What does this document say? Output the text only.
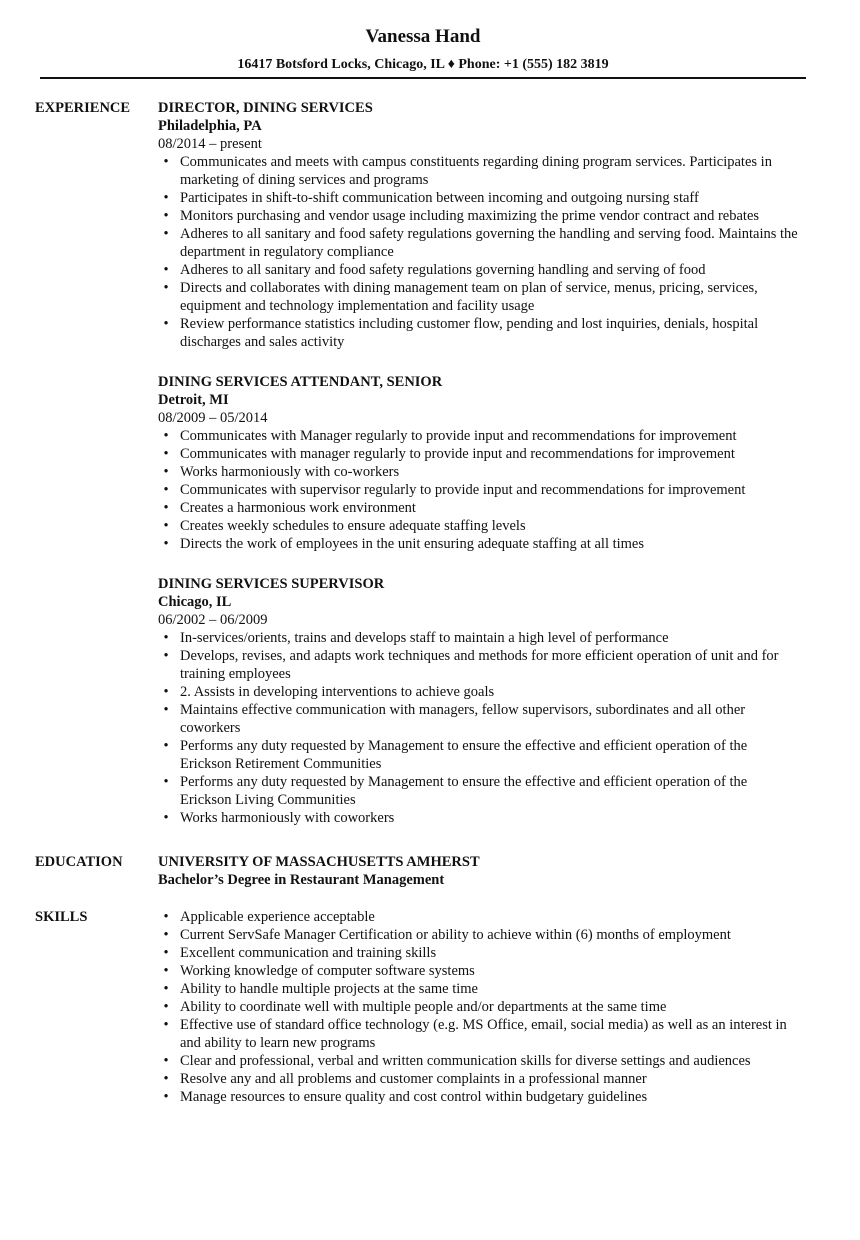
Vanessa Hand
16417 Botsford Locks, Chicago, IL ♦ Phone: +1 (555) 182 3819
EXPERIENCE DIRECTOR, DINING SERVICES
Philadelphia, PA
08/2014 – present
• Communicates and meets with campus constituents regarding dining program services. Participates in marketing of dining services and programs
• Participates in shift-to-shift communication between incoming and outgoing nursing staff
• Monitors purchasing and vendor usage including maximizing the prime vendor contract and rebates
• Adheres to all sanitary and food safety regulations governing the handling and serving food. Maintains the department in regulatory compliance
• Adheres to all sanitary and food safety regulations governing handling and serving of food
• Directs and collaborates with dining management team on plan of service, menus, pricing, services, equipment and technology implementation and facility usage
• Review performance statistics including customer flow, pending and lost inquiries, denials, hospital discharges and sales activity
DINING SERVICES ATTENDANT, SENIOR
Detroit, MI
08/2009 – 05/2014
• Communicates with Manager regularly to provide input and recommendations for improvement
• Communicates with manager regularly to provide input and recommendations for improvement
• Works harmoniously with co-workers
• Communicates with supervisor regularly to provide input and recommendations for improvement
• Creates a harmonious work environment
• Creates weekly schedules to ensure adequate staffing levels
• Directs the work of employees in the unit ensuring adequate staffing at all times
DINING SERVICES SUPERVISOR
Chicago, IL
06/2002 – 06/2009
• In-services/orients, trains and develops staff to maintain a high level of performance
• Develops, revises, and adapts work techniques and methods for more efficient operation of unit and for training employees
• 2. Assists in developing interventions to achieve goals
• Maintains effective communication with managers, fellow supervisors, subordinates and all other coworkers
• Performs any duty requested by Management to ensure the effective and efficient operation of the Erickson Retirement Communities
• Performs any duty requested by Management to ensure the effective and efficient operation of the Erickson Living Communities
• Works harmoniously with coworkers
EDUCATION UNIVERSITY OF MASSACHUSETTS AMHERST
Bachelor’s Degree in Restaurant Management
SKILLS	• Applicable experience acceptable
• Current ServSafe Manager Certification or ability to achieve within (6) months of employment
• Excellent communication and training skills
• Working knowledge of computer software systems
• Ability to handle multiple projects at the same time
• Ability to coordinate well with multiple people and/or departments at the same time
• Effective use of standard office technology (e.g. MS Office, email, social media) as well as an interest in and ability to learn new programs
• Clear and professional, verbal and written communication skills for diverse settings and audiences
• Resolve any and all problems and customer complaints in a professional manner
• Manage resources to ensure quality and cost control within budgetary guidelines
